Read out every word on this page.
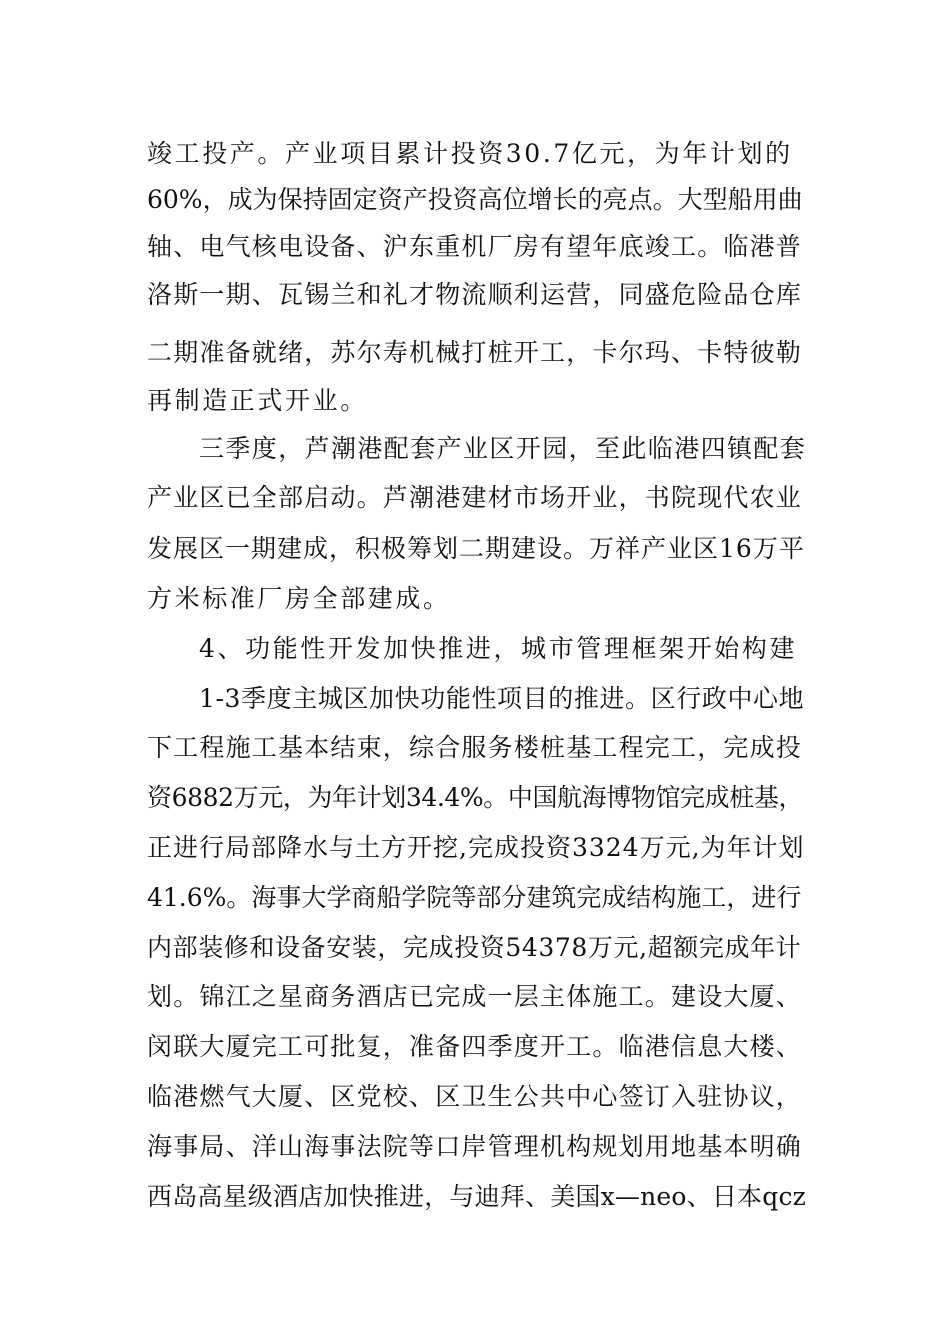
竣工投产。产业项目累计投资30.7亿元，为年计划的
60%，成为保持固定资产投资高位增长的亮点。大型船用曲
轴、电气核电设备、沪东重机厂房有望年底竣工。临港普
洛斯一期、瓦锡兰和礼才物流顺利运营，同盛危险品仓库
二期准备就绪，苏尔寿机械打桩开工，卡尔玛、卡特彼勒
再制造正式开业。
三季度，芦潮港配套产业区开园，至此临港四镇配套
产业区已全部启动。芦潮港建材市场开业，书院现代农业
发展区一期建成，积极筹划二期建设。万祥产业区16万平
方米标准厂房全部建成。
4、功能性开发加快推进，城市管理框架开始构建
1-3季度主城区加快功能性项目的推进。区行政中心地
下工程施工基本结束，综合服务楼桩基工程完工，完成投
资6882万元，为年计划34.4%。中国航海博物馆完成桩基，
正进行局部降水与土方开挖,完成投资3324万元,为年计划
41.6%。海事大学商船学院等部分建筑完成结构施工，进行
内部装修和设备安装，完成投资54378万元,超额完成年计
划。锦江之星商务酒店已完成一层主体施工。建设大厦、
闵联大厦完工可批复，准备四季度开工。临港信息大楼、
临港燃气大厦、区党校、区卫生公共中心签订入驻协议，
海事局、洋山海事法院等口岸管理机构规划用地基本明确
西岛高星级酒店加快推进，与迪拜、美国x—neo、日本qcz
